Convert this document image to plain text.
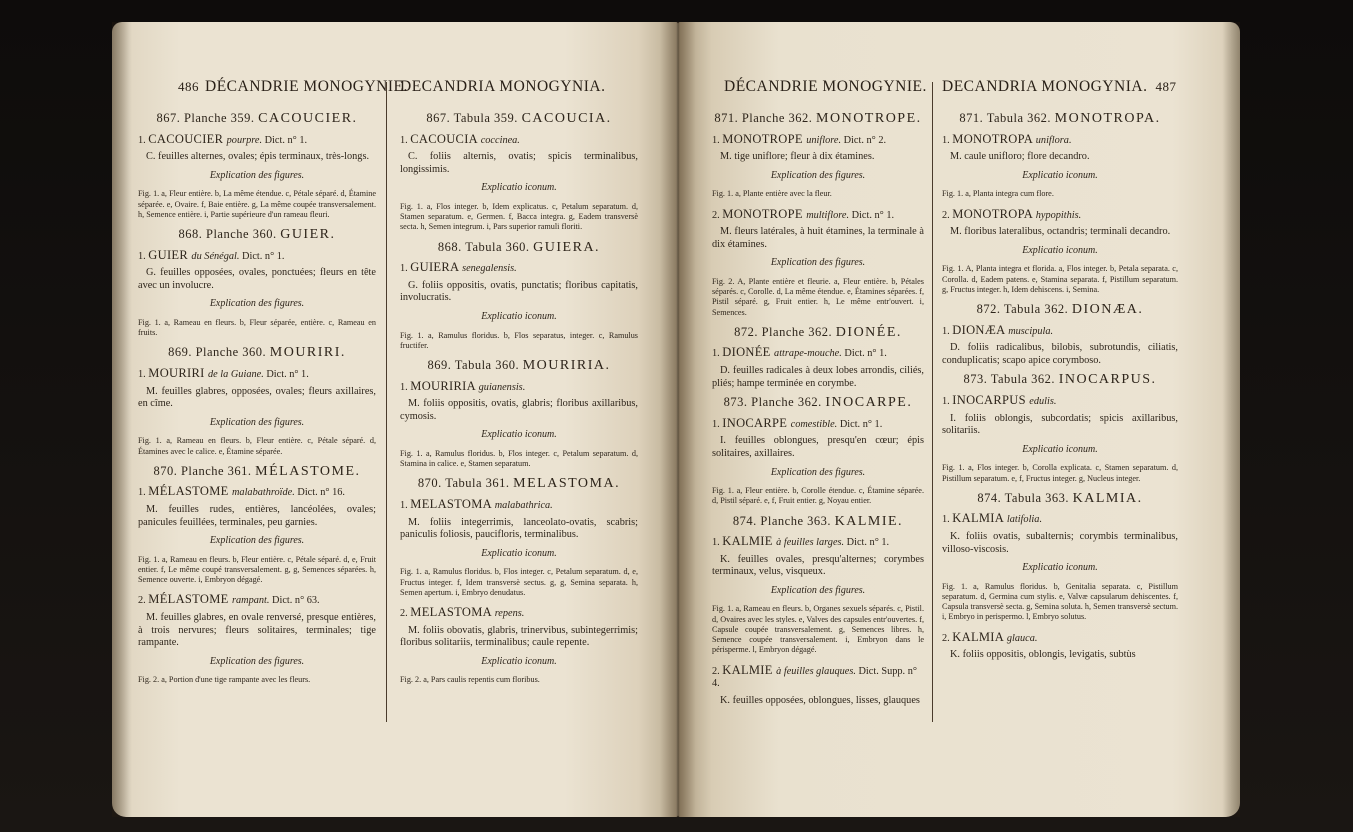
486 DÉCANDRIE MONOGYNIE.
867. Planche 359. CACOUCIER.
1. CACOUCIER pourpre. Dict. n° 1.
C. feuilles alternes, ovales; épis terminaux, très-longs.
Explication des figures.
Fig. 1. a, Fleur entière. b, La même étendue. c, Pétale séparé. d, Étamine séparée. e, Ovaire. f, Baie entière. g, La même coupée transversalement. h, Semence entière. i, Partie supérieure d'un rameau fleuri.
868. Planche 360. GUIER.
1. GUIER du Sénégal. Dict. n° 1.
G. feuilles opposées, ovales, ponctuées; fleurs en tête avec un involucre.
Explication des figures.
Fig. 1. a, Rameau en fleurs. b, Fleur séparée, entière. c, Rameau en fruits.
869. Planche 360. MOURIRI.
1. MOURIRI de la Guiane. Dict. n° 1.
M. feuilles glabres, opposées, ovales; fleurs axillaires, en cîme.
Explication des figures.
Fig. 1. a, Rameau en fleurs. b, Fleur entière. c, Pétale séparé. d, Étamines avec le calice. e, Étamine séparée.
870. Planche 361. MÉLASTOME.
1. MÉLASTOME malabathroïde. Dict. n° 16.
M. feuilles rudes, entières, lancéolées, ovales; panicules feuillées, terminales, peu garnies.
Explication des figures.
Fig. 1. a, Rameau en fleurs. b, Fleur entière. c, Pétale séparé. d, e, Fruit entier. f, Le même coupé transversalement. g, g, Semences séparées. h, Semence ouverte. i, Embryon dégagé.
2. MÉLASTOME rampant. Dict. n° 63.
M. feuilles glabres, en ovale renversé, presque entières, à trois nervures; fleurs solitaires, terminales; tige rampante.
Explication des figures.
Fig. 2. a, Portion d'une tige rampante avec les fleurs.
DECANDRIA MONOGYNIA.
867. Tabula 359. CACOUCIA.
1. CACOUCIA coccinea.
C. foliis alternis, ovatis; spicis terminalibus, longissimis.
Explicatio iconum.
Fig. 1. a, Flos integer. b, Idem explicatus. c, Petalum separatum. d, Stamen separatum. e, Germen. f, Bacca integra. g, Eadem transversè secta. h, Semen integrum. i, Pars superior ramuli floriti.
868. Tabula 360. GUIERA.
1. GUIERA senegalensis.
G. foliis oppositis, ovatis, punctatis; floribus capitatis, involucratis.
Explicatio iconum.
Fig. 1. a, Ramulus floridus. b, Flos separatus, integer. c, Ramulus fructifer.
869. Tabula 360. MOURIRIA.
1. MOURIRIA guianensis.
M. foliis oppositis, ovatis, glabris; floribus axillaribus, cymosis.
Explicatio iconum.
Fig. 1. a, Ramulus floridus. b, Flos integer. c, Petalum separatum. d, Stamina in calice. e, Stamen separatum.
870. Tabula 361. MELASTOMA.
1. MELASTOMA malabathrica.
M. foliis integerrimis, lanceolato-ovatis, scabris; paniculis foliosis, paucifloris, terminalibus.
Explicatio iconum.
Fig. 1. a, Ramulus floridus. b, Flos integer. c, Petalum separatum. d, e, Fructus integer. f, Idem transversè sectus. g, g, Semina separata. h, Semen apertum. i, Embryo denudatus.
2. MELASTOMA repens.
M. foliis obovatis, glabris, trinervibus, subintegerrimis; floribus solitariis, terminalibus; caule repente.
Explicatio iconum.
Fig. 2. a, Pars caulis repentis cum floribus.
DÉCANDRIE MONOGYNIE.
871. Planche 362. MONOTROPE.
1. MONOTROPE uniflore. Dict. n° 2.
M. tige uniflore; fleur à dix étamines.
Explication des figures.
Fig. 1. a, Plante entière avec la fleur.
2. MONOTROPE multiflore. Dict. n° 1.
M. fleurs latérales, à huit étamines, la terminale à dix étamines.
Explication des figures.
Fig. 2. A, Plante entière et fleurie. a, Fleur entière. b, Pétales séparés. c, Corolle. d, La même étendue. e, Étamines séparées. f, Pistil séparé. g, Fruit entier. h, Le même entr'ouvert. i, Semences.
872. Planche 362. DIONÉE.
1. DIONÉE attrape-mouche. Dict. n° 1.
D. feuilles radicales à deux lobes arrondis, ciliés, pliés; hampe terminée en corymbe.
873. Planche 362. INOCARPE.
1. INOCARPE comestible. Dict. n° 1.
I. feuilles oblongues, presqu'en cœur; épis solitaires, axillaires.
Explication des figures.
Fig. 1. a, Fleur entière. b, Corolle étendue. c, Étamine séparée. d, Pistil séparé. e, f, Fruit entier. g, Noyau entier.
874. Planche 363. KALMIE.
1. KALMIE à feuilles larges. Dict. n° 1.
K. feuilles ovales, presqu'alternes; corymbes terminaux, velus, visqueux.
Explication des figures.
Fig. 1. a, Rameau en fleurs. b, Organes sexuels séparés. c, Pistil. d, Ovaires avec les styles. e, Valves des capsules entr'ouvertes. f, Capsule coupée transversalement. g, Semences libres. h, Semence coupée transversalement. i, Embryon dans le périsperme. l, Embryon dégagé.
2. KALMIE à feuilles glauques. Dict. Supp. n° 4.
K. feuilles opposées, oblongues, lisses, glauques
DECANDRIA MONOGYNIA. 487
871. Tabula 362. MONOTROPA.
1. MONOTROPA uniflora.
M. caule unifloro; flore decandro.
Explicatio iconum.
Fig. 1. a, Planta integra cum flore.
2. MONOTROPA hypopithis.
M. floribus lateralibus, octandris; terminali decandro.
Explicatio iconum.
Fig. 1. A, Planta integra et florida. a, Flos integer. b, Petala separata. c, Corolla. d, Eadem patens. e, Stamina separata. f, Pistillum separatum. g, Fructus integer. h, Idem dehiscens. i, Semina.
872. Tabula 362. DIONÆA.
1. DIONÆA muscipula.
D. foliis radicalibus, bilobis, subrotundis, ciliatis, conduplicatis; scapo apice corymboso.
873. Tabula 362. INOCARPUS.
1. INOCARPUS edulis.
I. foliis oblongis, subcordatis; spicis axillaribus, solitariis.
Explicatio iconum.
Fig. 1. a, Flos integer. b, Corolla explicata. c, Stamen separatum. d, Pistillum separatum. e, f, Fructus integer. g, Nucleus integer.
874. Tabula 363. KALMIA.
1. KALMIA latifolia.
K. foliis ovatis, subalternis; corymbis terminalibus, villoso-viscosis.
Explicatio iconum.
Fig. 1. a, Ramulus floridus. b, Genitalia separata. c, Pistillum separatum. d, Germina cum stylis. e, Valvæ capsularum dehiscentes. f, Capsula transversè secta. g, Semina soluta. h, Semen transversè sectum. i, Embryo in perispermo. l, Embryo solutus.
2. KALMIA glauca.
K. foliis oppositis, oblongis, levigatis, subtùs
